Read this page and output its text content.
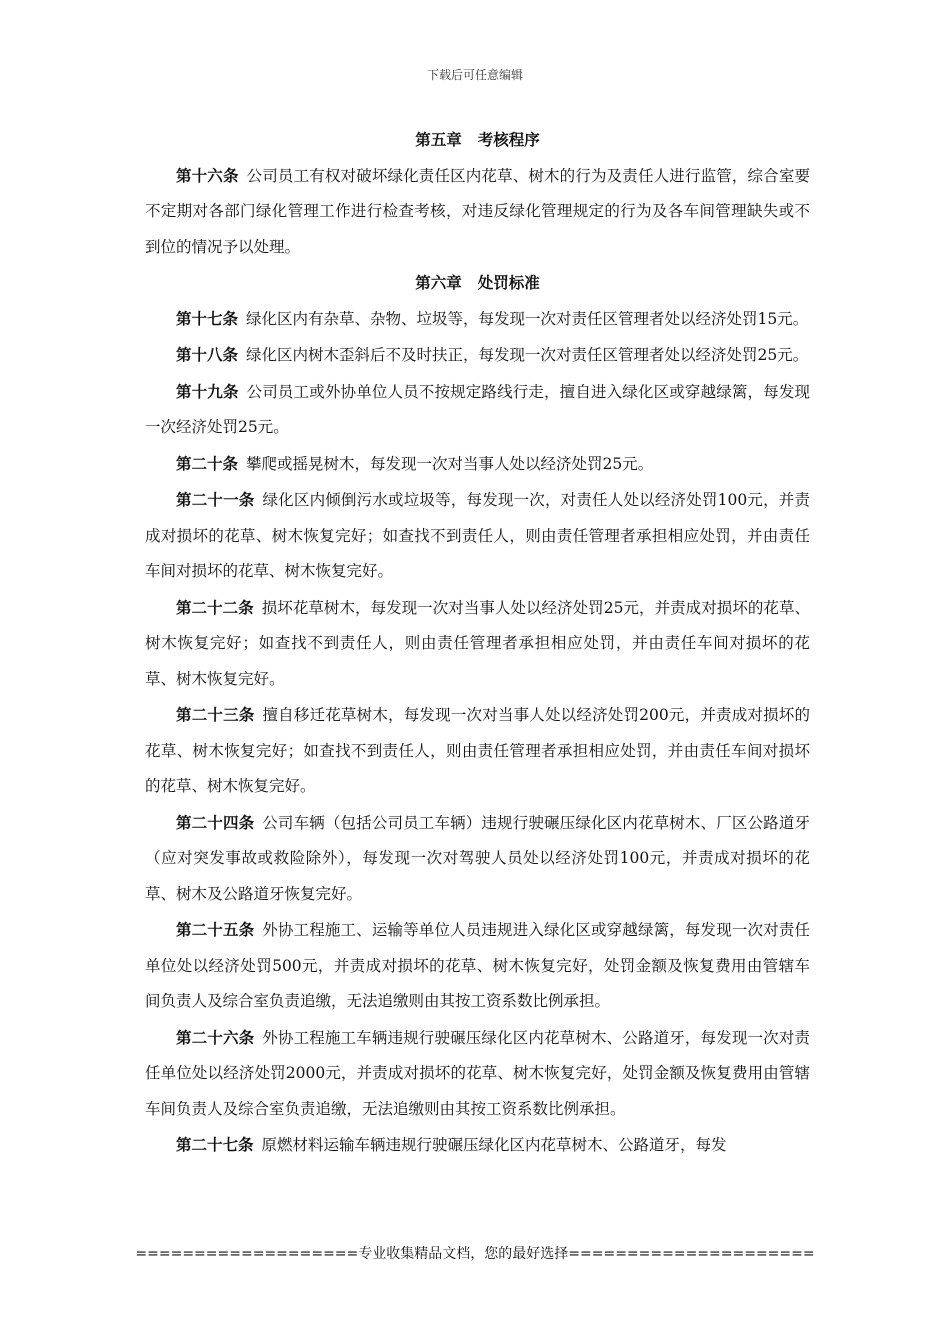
下载后可任意编辑

第五章 考核程序

第十六条 公司员工有权对破坏绿化责任区内花草、树木的行为及责任人进行监管，综合室要不定期对各部门绿化管理工作进行检查考核，对违反绿化管理规定的行为及各车间管理缺失或不到位的情况予以处理。

第六章 处罚标准

第十七条 绿化区内有杂草、杂物、垃圾等，每发现一次对责任区管理者处以经济处罚15元。

第十八条 绿化区内树木歪斜后不及时扶正，每发现一次对责任区管理者处以经济处罚25元。

第十九条 公司员工或外协单位人员不按规定路线行走，擅自进入绿化区或穿越绿篱，每发现一次经济处罚25元。

第二十条 攀爬或摇晃树木，每发现一次对当事人处以经济处罚25元。

第二十一条 绿化区内倾倒污水或垃圾等，每发现一次，对责任人处以经济处罚100元，并责成对损坏的花草、树木恢复完好；如查找不到责任人，则由责任管理者承担相应处罚，并由责任车间对损坏的花草、树木恢复完好。

第二十二条 损坏花草树木，每发现一次对当事人处以经济处罚25元，并责成对损坏的花草、树木恢复完好；如查找不到责任人，则由责任管理者承担相应处罚，并由责任车间对损坏的花草、树木恢复完好。

第二十三条 擅自移迁花草树木，每发现一次对当事人处以经济处罚200元，并责成对损坏的花草、树木恢复完好；如查找不到责任人，则由责任管理者承担相应处罚，并由责任车间对损坏的花草、树木恢复完好。

第二十四条 公司车辆（包括公司员工车辆）违规行驶碾压绿化区内花草树木、厂区公路道牙（应对突发事故或救险除外），每发现一次对驾驶人员处以经济处罚100元，并责成对损坏的花草、树木及公路道牙恢复完好。

第二十五条 外协工程施工、运输等单位人员违规进入绿化区或穿越绿篱，每发现一次对责任单位处以经济处罚500元，并责成对损坏的花草、树木恢复完好，处罚金额及恢复费用由管辖车间负责人及综合室负责追缴，无法追缴则由其按工资系数比例承担。

第二十六条 外协工程施工车辆违规行驶碾压绿化区内花草树木、公路道牙，每发现一次对责任单位处以经济处罚2000元，并责成对损坏的花草、树木恢复完好，处罚金额及恢复费用由管辖车间负责人及综合室负责追缴，无法追缴则由其按工资系数比例承担。

第二十七条 原燃材料运输车辆违规行驶碾压绿化区内花草树木、公路道牙，每发

===================专业收集精品文档，您的最好选择=====================
